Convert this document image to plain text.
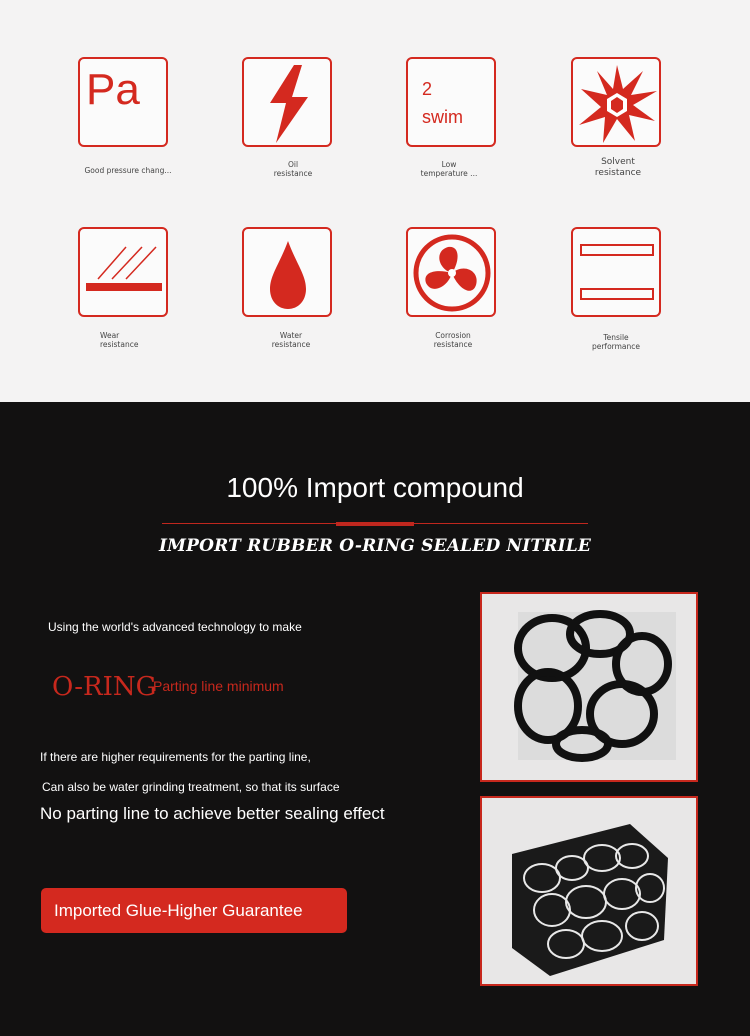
Pa
Good pressure chang...
Oil
resistance
2
swim
Low
temperature ...
Solvent
resistance
Wear
resistance
Water
resistance
Corrosion
resistance
Tensile
performance
100% Import compound
IMPORT RUBBER O-RING SEALED NITRILE
Using the world's advanced technology to make
O-RING
Parting line minimum
If there are higher requirements for the parting line,
Can also be water grinding treatment, so that its surface
No parting line to achieve better sealing effect
Imported Glue-Higher Guarantee
